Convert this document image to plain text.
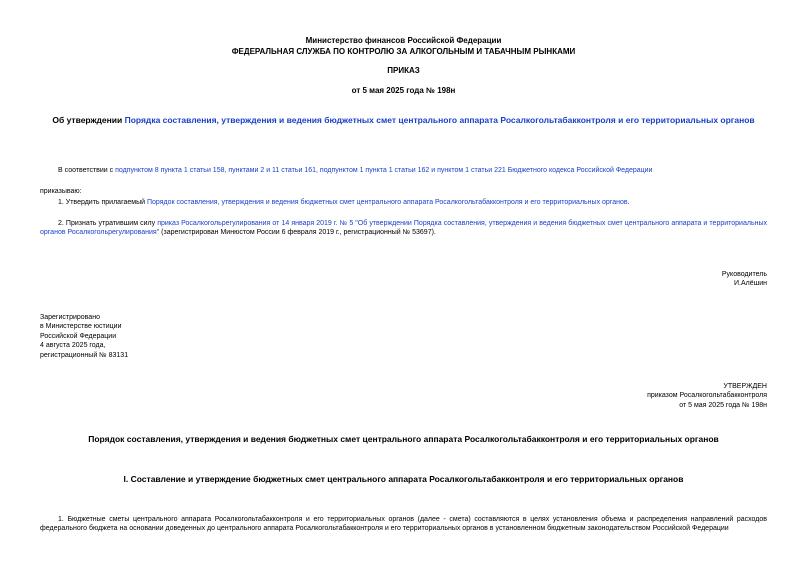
Министерство финансов Российской Федерации
ФЕДЕРАЛЬНАЯ СЛУЖБА ПО КОНТРОЛЮ ЗА АЛКОГОЛЬНЫМ И ТАБАЧНЫМ РЫНКАМИ
ПРИКАЗ
от 5 мая 2025 года № 198н
Об утверждении Порядка составления, утверждения и ведения бюджетных смет центрального аппарата Росалкогольтабакконтроля и его территориальных органов
В соответствии с подпунктом 8 пункта 1 статьи 158, пунктами 2 и 11 статьи 161, подпунктом 1 пункта 1 статьи 162 и пунктом 1 статьи 221 Бюджетного кодекса Российской Федерации
приказываю:
1. Утвердить прилагаемый Порядок составления, утверждения и ведения бюджетных смет центрального аппарата Росалкогольтабакконтроля и его территориальных органов.
2. Признать утратившим силу приказ Росалкогольрегулирования от 14 января 2019 г. № 5 "Об утверждении Порядка составления, утверждения и ведения бюджетных смет центрального аппарата и территориальных органов Росалкогольрегулирования" (зарегистрирован Минюстом России 6 февраля 2019 г., регистрационный № 53697).
Руководитель
И.Алёшин
Зарегистрировано
в Министерстве юстиции
Российской Федерации
4 августа 2025 года,
регистрационный № 83131
УТВЕРЖДЕН
приказом Росалкогольтабакконтроля
от 5 мая 2025 года № 198н
Порядок составления, утверждения и ведения бюджетных смет центрального аппарата Росалкогольтабакконтроля и его территориальных органов
I. Составление и утверждение бюджетных смет центрального аппарата Росалкогольтабакконтроля и его территориальных органов
1. Бюджетные сметы центрального аппарата Росалкогольтабакконтроля и его территориальных органов (далее - смета) составляются в целях установления объема и распределения направлений расходов федерального бюджета на основании доведенных до центрального аппарата Росалкогольтабакконтроля и его территориальных органов в установленном бюджетным законодательством Российской Федерации
